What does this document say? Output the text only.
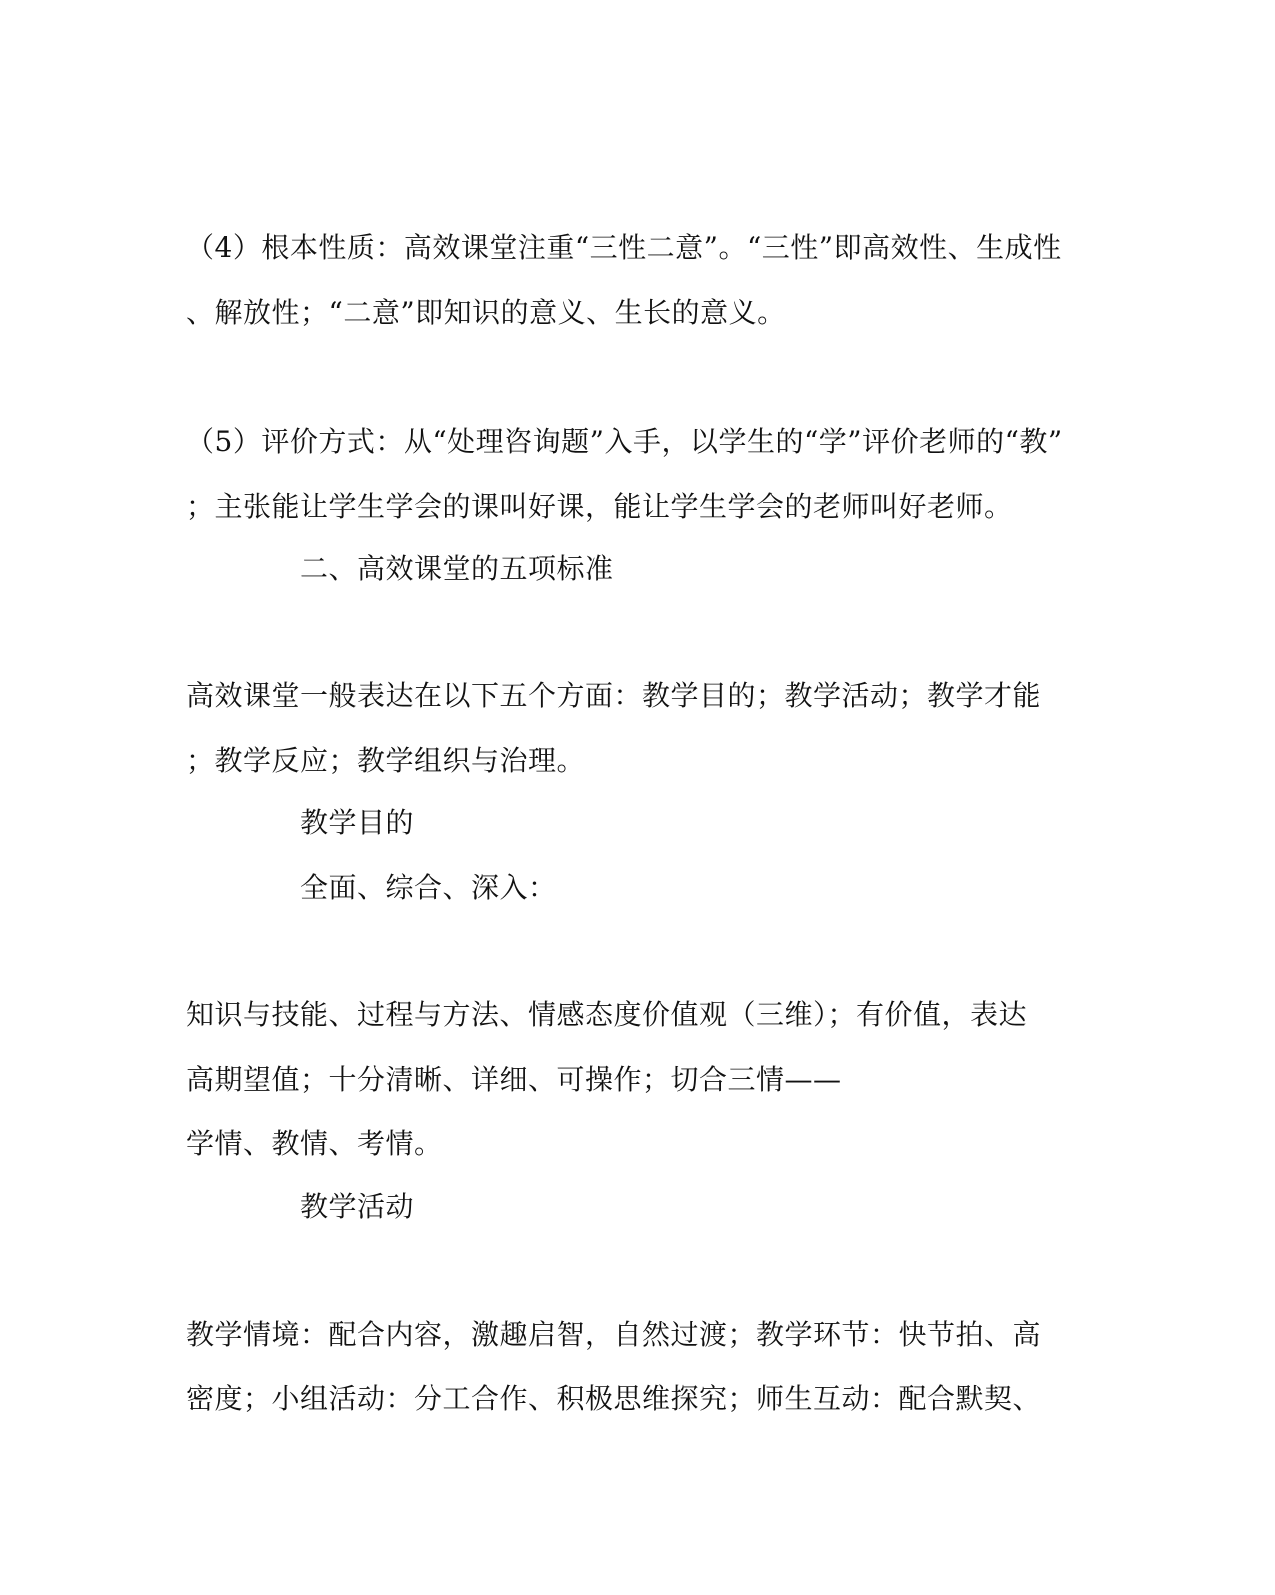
（4）根本性质：高效课堂注重“三性二意”。“三性”即高效性、生成性
、解放性；“二意”即知识的意义、生长的意义。
（5）评价方式：从“处理咨询题”入手，以学生的“学”评价老师的“教”
；主张能让学生学会的课叫好课，能让学生学会的老师叫好老师。
二、高效课堂的五项标准
高效课堂一般表达在以下五个方面：教学目的；教学活动；教学才能
；教学反应；教学组织与治理。
教学目的
全面、综合、深入：
知识与技能、过程与方法、情感态度价值观（三维）；有价值，表达
高期望值；十分清晰、详细、可操作；切合三情——
学情、教情、考情。
教学活动
教学情境：配合内容，激趣启智，自然过渡；教学环节：快节拍、高
密度；小组活动：分工合作、积极思维探究；师生互动：配合默契、
